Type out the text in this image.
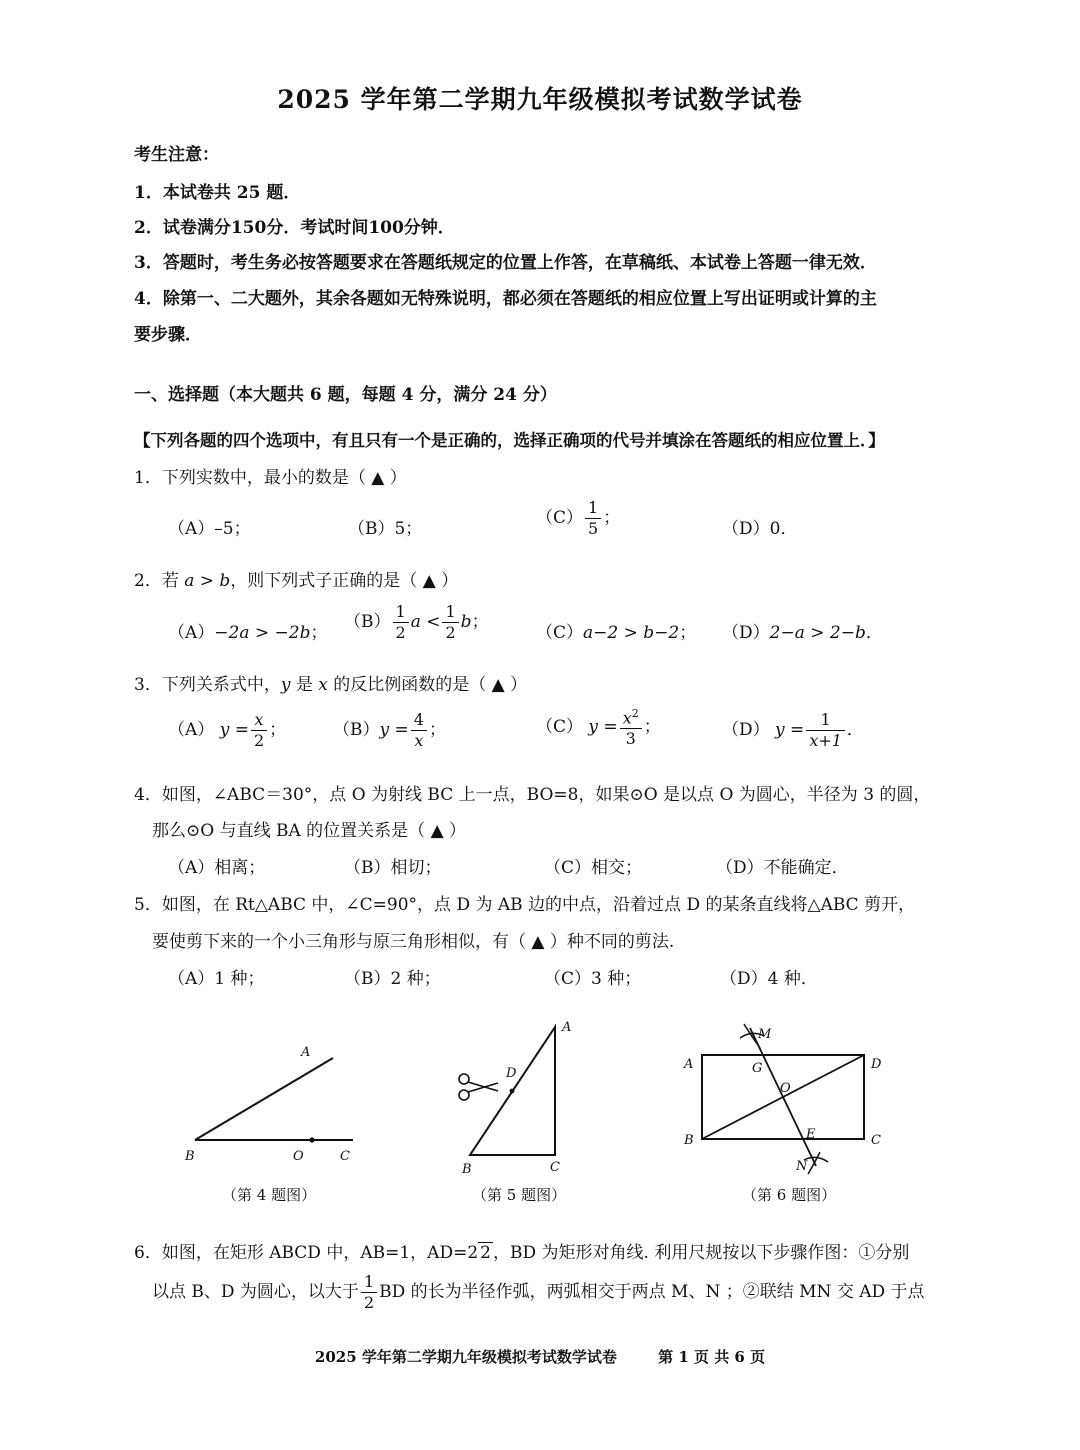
2025 学年第二学期九年级模拟考试数学试卷
考生注意：
1．本试卷共 25 题．
2．试卷满分150分．考试时间100分钟．
3．答题时，考生务必按答题要求在答题纸规定的位置上作答，在草稿纸、本试卷上答题一律无效．
4．除第一、二大题外，其余各题如无特殊说明，都必须在答题纸的相应位置上写出证明或计算的主
要步骤．
一、选择题（本大题共 6 题，每题 4 分，满分 24 分）
【下列各题的四个选项中，有且只有一个是正确的，选择正确项的代号并填涂在答题纸的相应位置上．】
1．下列实数中，最小的数是（ ▲ ）
（A）–5；	（B）5；
$(C) \frac{1}{5}$ ；
（D）0．
2．若 a > b，则下列式子正确的是（ ▲ ）
（A）−2a > −2b；
$(B) \frac{1}{2}$ $a < \frac{1}{2}$ b；
（C）a−2 > b−2； （D）2−a > 2−b．
3．下列关系式中，y 是 x 的反比例函数的是（ ▲ ）
（A） $y = \frac{x}{2}$ ；	$(B)y = \frac{4}{x}$ ；	（C） $y = \frac{x^2}{3}$ ；	（D） $y = \frac{1}{x+1}$ ．
4．如图，∠ABC＝30°，点 O 为射线 BC 上一点，BO=8，如果⊙O 是以点 O 为圆心，半径为 3 的圆，
那么⊙O 与直线 BA 的位置关系是（ ▲ ）
（A）相离；	（B）相切；	（C）相交；	（D）不能确定．
5．如图，在 Rt△ABC 中，∠C=90°，点 D 为 AB 边的中点，沿着过点 D 的某条直线将△ABC 剪开，
要使剪下来的一个小三角形与原三角形相似，有（ ▲ ）种不同的剪法.
（A）1 种；	（B）2 种；	（C）3 种；	（D）4 种．
A
B	O	C
（第 4 题图）
A
B	C
D
（第 5 题图）
A
B	C
D
G
O
E
M
N
（第 6 题图）
6．如图，在矩形 ABCD 中，AB=1，AD=2 2 ，BD 为矩形对角线. 利用尺规按以下步骤作图：①分别
以点 B、D 为圆心，以大于 $\frac{1}{2}$ BD 的长为半径作弧，两弧相交于两点 M、N ；②联结 MN 交 AD 于点
2025 学年第二学期九年级模拟考试数学试卷	第 1 页 共 6 页
